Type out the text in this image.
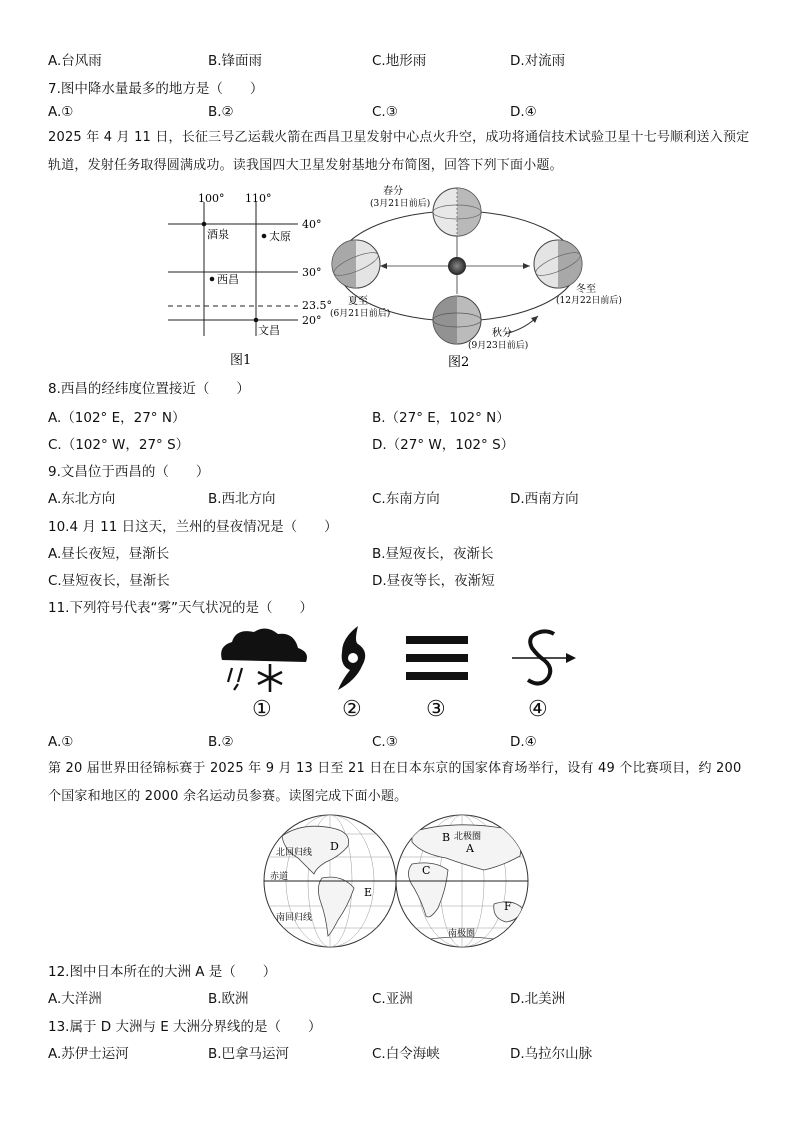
A.台风雨	B.锋面雨	C.地形雨	D.对流雨
7.图中降水量最多的地方是（　　）
A.①	B.②	C.③	D.④
2025 年 4 月 11 日，长征三号乙运载火箭在西昌卫星发射中心点火升空，成功将通信技术试验卫星十七号顺利送入预定轨道，发射任务取得圆满成功。读我国四大卫星发射基地分布简图，回答下列下面小题。
100° 110°
40°
30°
23.5°
20°
酒泉	太原
西昌
文昌
图1
春分
(3月21日前后)
夏至
(6月21日前后)
冬至
(12月22日前后)
秋分
(9月23日前后)
图2
8.西昌的经纬度位置接近（　　）
A.（102° E，27° N）	B.（27° E，102° N）
C.（102° W，27° S）	D.（27° W，102° S）
9.文昌位于西昌的（　　）
A.东北方向	B.西北方向	C.东南方向	D.西南方向
10.4 月 11 日这天，兰州的昼夜情况是（　　）
A.昼长夜短，昼渐长	B.昼短夜长，夜渐长
C.昼短夜长，昼渐长	D.昼夜等长，夜渐短
11.下列符号代表“雾”天气状况的是（　　）
①	②	③	④
A.①	B.②	C.③	D.④
第 20 届世界田径锦标赛于 2025 年 9 月 13 日至 21 日在日本东京的国家体育场举行，设有 49 个比赛项目，约 200 个国家和地区的 2000 余名运动员参赛。读图完成下面小题。
北回归线
赤道
南回归线
北极圈
南极圈
A
B
C
D
E
F
12.图中日本所在的大洲 A 是（　　）
A.大洋洲	B.欧洲	C.亚洲	D.北美洲
13.属于 D 大洲与 E 大洲分界线的是（　　）
A.苏伊士运河	B.巴拿马运河	C.白令海峡	D.乌拉尔山脉
